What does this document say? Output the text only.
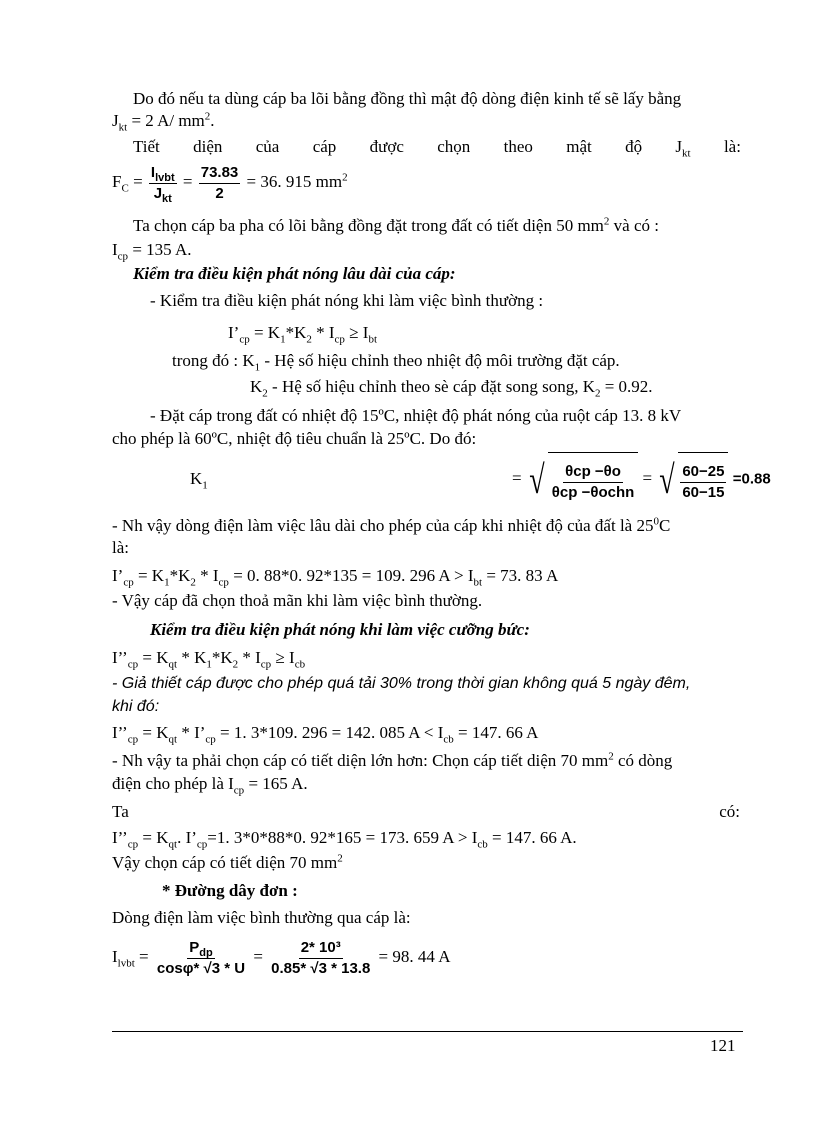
Do đó nếu ta dùng cáp ba lõi bằng đồng thì mật độ dòng điện kinh tế sẽ lấy bằng
$J_{kt} = 2$ A/ $mm^2$.
Tiết diện của cáp được chọn theo mật độ $J_{kt}$ là:
$F_C = \frac{I_{lvbt}}{J_{kt}} = \frac{73.83}{2} = 36$. 915 $mm^2$
Ta chọn cáp ba pha có lõi bằng đồng đặt trong đất có tiết diện 50 $mm^2$ và có :
$I_{cp} = 135$ A.
Kiểm tra điều kiện phát nóng lâu dài của cáp:
- Kiểm tra điều kiện phát nóng khi làm việc bình thường :
$I’_{cp} = K_1*K_2 * I_{cp} \ge I_{bt}$
trong đó : $K_1$ - Hệ số hiệu chỉnh theo nhiệt độ môi trường đặt cáp.
$K_2$ - Hệ số hiệu chỉnh theo sè cáp đặt song song, $K_2 = 0.92$.
- Đặt cáp trong đất có nhiệt độ 15ºC, nhiệt độ phát nóng của ruột cáp 13. 8 kV
cho phép là 60ºC, nhiệt độ tiêu chuẩn là 25ºC. Do đó:
$K_1$	= √ $\frac{\text{θcp −θo}}{\text{θcp −θochn}}$ = √ $\frac{60-25}{60-15} =0.88$
- Nh vậy dòng điện làm việc lâu dài cho phép của cáp khi nhiệt độ của đất là $25^0C$
là:
$I’_{cp} = K_1*K_2 * I_{cp} = 0$. 88*0. 92*135 = 109. 296 $A > I_{bt} = 73$. 83 A
- Vậy cáp đã chọn thoả mãn khi làm việc bình thường.
Kiểm tra điều kiện phát nóng khi làm việc cưỡng bức:
$I’’_{cp} = K_{qt} * K_1*K_2 * I_{cp} \ge I_{cb}$
- Giả thiết cáp được cho phép quá tải 30% trong thời gian không quá 5 ngày đêm,
khi đó:
$I’’_{cp} = K_{qt}$ * $I’_{cp} = 1$. 3*109. 296 = 142. 085 $A < I_{cb} = 147$. 66 A
- Nh vậy ta phải chọn cáp có tiết diện lớn hơn: Chọn cáp tiết diện 70 $mm^2$ có dòng
điện cho phép là $I_{cp} = 165$ A.
Ta	có:
$I’’_{cp} = K_{qt}$. $I’_{cp}=1$. 3*0*88*0. 92*165 = 173. 659 $A > I_{cb} = 147$. 66 A.
Vậy chọn cáp có tiết diện 70 $mm^2$
* Đường dây đơn :
Dòng điện làm việc bình thường qua cáp là:
$I_{lvbt} = \frac{P_{dp}}{\cos\varphi* √3 * U} = \frac{\text{2* 10³}}{0.85* √3 * 13.8} = 98$. 44 A
121
